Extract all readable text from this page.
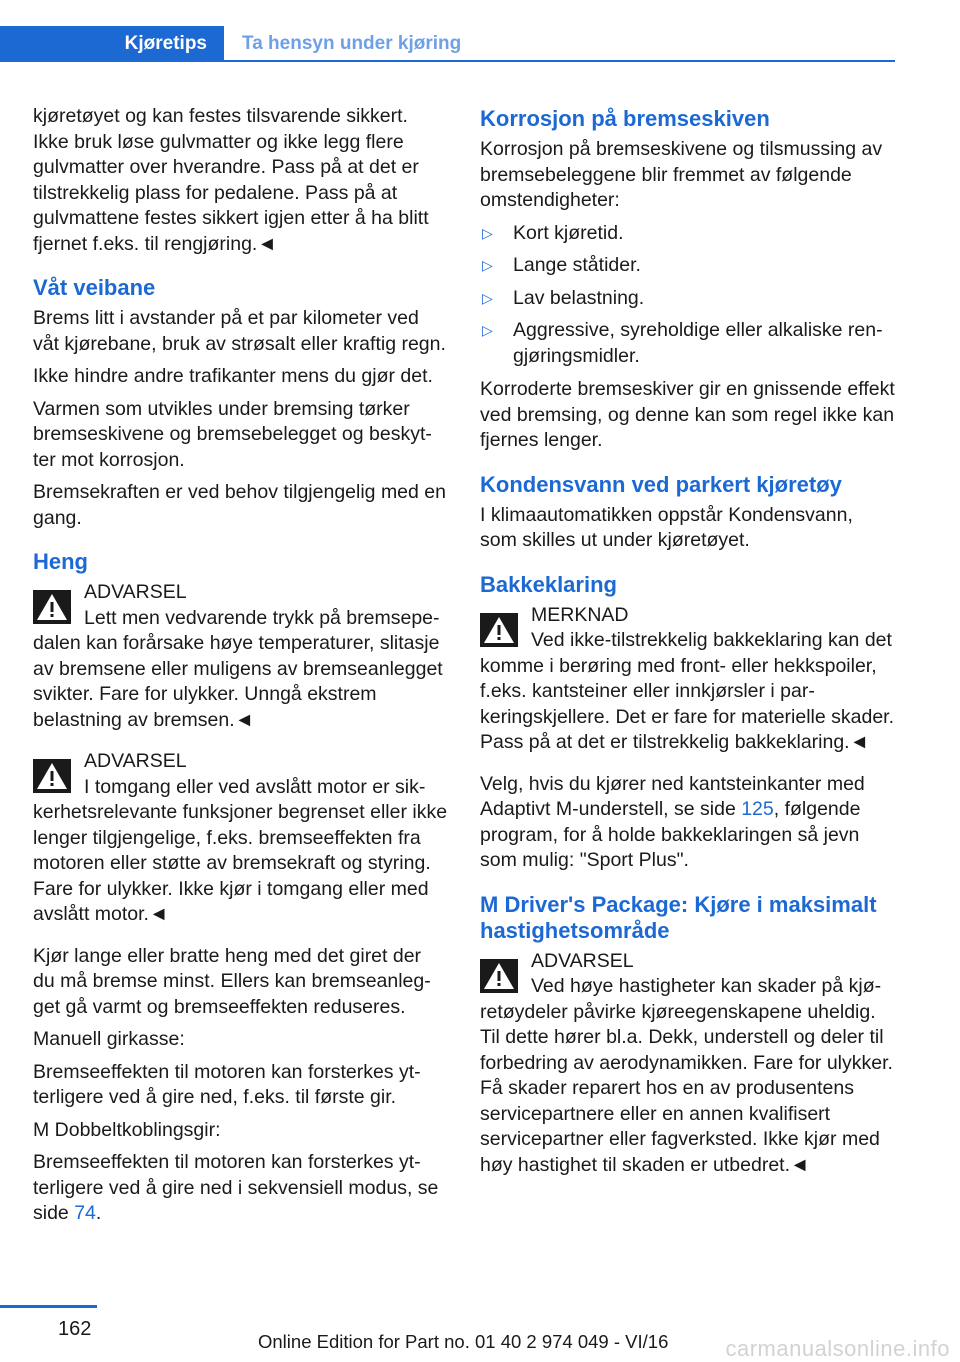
Kjøretips Ta hensyn under kjøring

kjøretøyet og kan festes tilsvarende sikkert. Ikke bruk løse gulvmatter og ikke legg flere gulvmatter over hverandre. Pass på at det er tilstrekkelig plass for pedalene. Pass på at gulvmattene festes sikkert igjen etter å ha blitt fjernet f.eks. til rengjøring.◄

Våt veibane

Brems litt i avstander på et par kilometer ved våt kjørebane, bruk av strøsalt eller kraftig regn.

Ikke hindre andre trafikanter mens du gjør det.

Varmen som utvikles under bremsing tørker bremseskivene og bremsebelegget og beskytter mot korrosjon.

Bremsekraften er ved behov tilgjengelig med en gang.

Heng
ADVARSEL
Lett men vedvarende trykk på bremsepedalen kan forårsake høye temperaturer, slitasje av bremsene eller muligens av bremseanlegget svikter. Fare for ulykker. Unngå ekstrem belastning av bremsen.◄
ADVARSEL
I tomgang eller ved avslått motor er sikkerhetsrelevante funksjoner begrenset eller ikke lenger tilgjengelige, f.eks. bremseeffekten fra motoren eller støtte av bremsekraft og styring. Fare for ulykker. Ikke kjør i tomgang eller med avslått motor.◄

Kjør lange eller bratte heng med det giret der du må bremse minst. Ellers kan bremseanlegget gå varmt og bremseeffekten reduseres.

Manuell girkasse:

Bremseeffekten til motoren kan forsterkes ytterligere ved å gire ned, f.eks. til første gir.

M Dobbeltkoblingsgir:

Bremseeffekten til motoren kan forsterkes ytterligere ved å gire ned i sekvensiell modus, se side 74.

Korrosjon på bremseskiven

Korrosjon på bremseskivene og tilsmussing av bremsebeleggene blir fremmet av følgende omstendigheter:

▷ Kort kjøretid.
▷ Lange ståtider.
▷ Lav belastning.
▷ Aggressive, syreholdige eller alkaliske rengjøringsmidler.

Korroderte bremseskiver gir en gnissende effekt ved bremsing, og denne kan som regel ikke kan fjernes lenger.

Kondensvann ved parkert kjøretøy

I klimaautomatikken oppstår Kondensvann, som skilles ut under kjøretøyet.

Bakkeklaring
MERKNAD
Ved ikke-tilstrekkelig bakkeklaring kan det komme i berøring med front- eller hekkspoiler, f.eks. kantsteiner eller innkjørsler i parkeringskjellere. Det er fare for materielle skader. Pass på at det er tilstrekkelig bakkeklaring.◄

Velg, hvis du kjører ned kantsteinkanter med Adaptivt M-understell, se side 125, følgende program, for å holde bakkeklaringen så jevn som mulig: "Sport Plus".

M Driver's Package: Kjøre i maksimalt hastighetsområde
ADVARSEL
Ved høye hastigheter kan skader på kjøretøydeler påvirke kjøreegenskapene uheldig. Til dette hører bl.a. Dekk, understell og deler til forbedring av aerodynamikken. Fare for ulykker. Få skader reparert hos en av produsentens servicepartnere eller en annen kvalifisert servicepartner eller fagverksted. Ikke kjør med høy hastighet til skaden er utbedret.◄
162
Online Edition for Part no. 01 40 2 974 049 - VI/16	carmanualsonline.info
